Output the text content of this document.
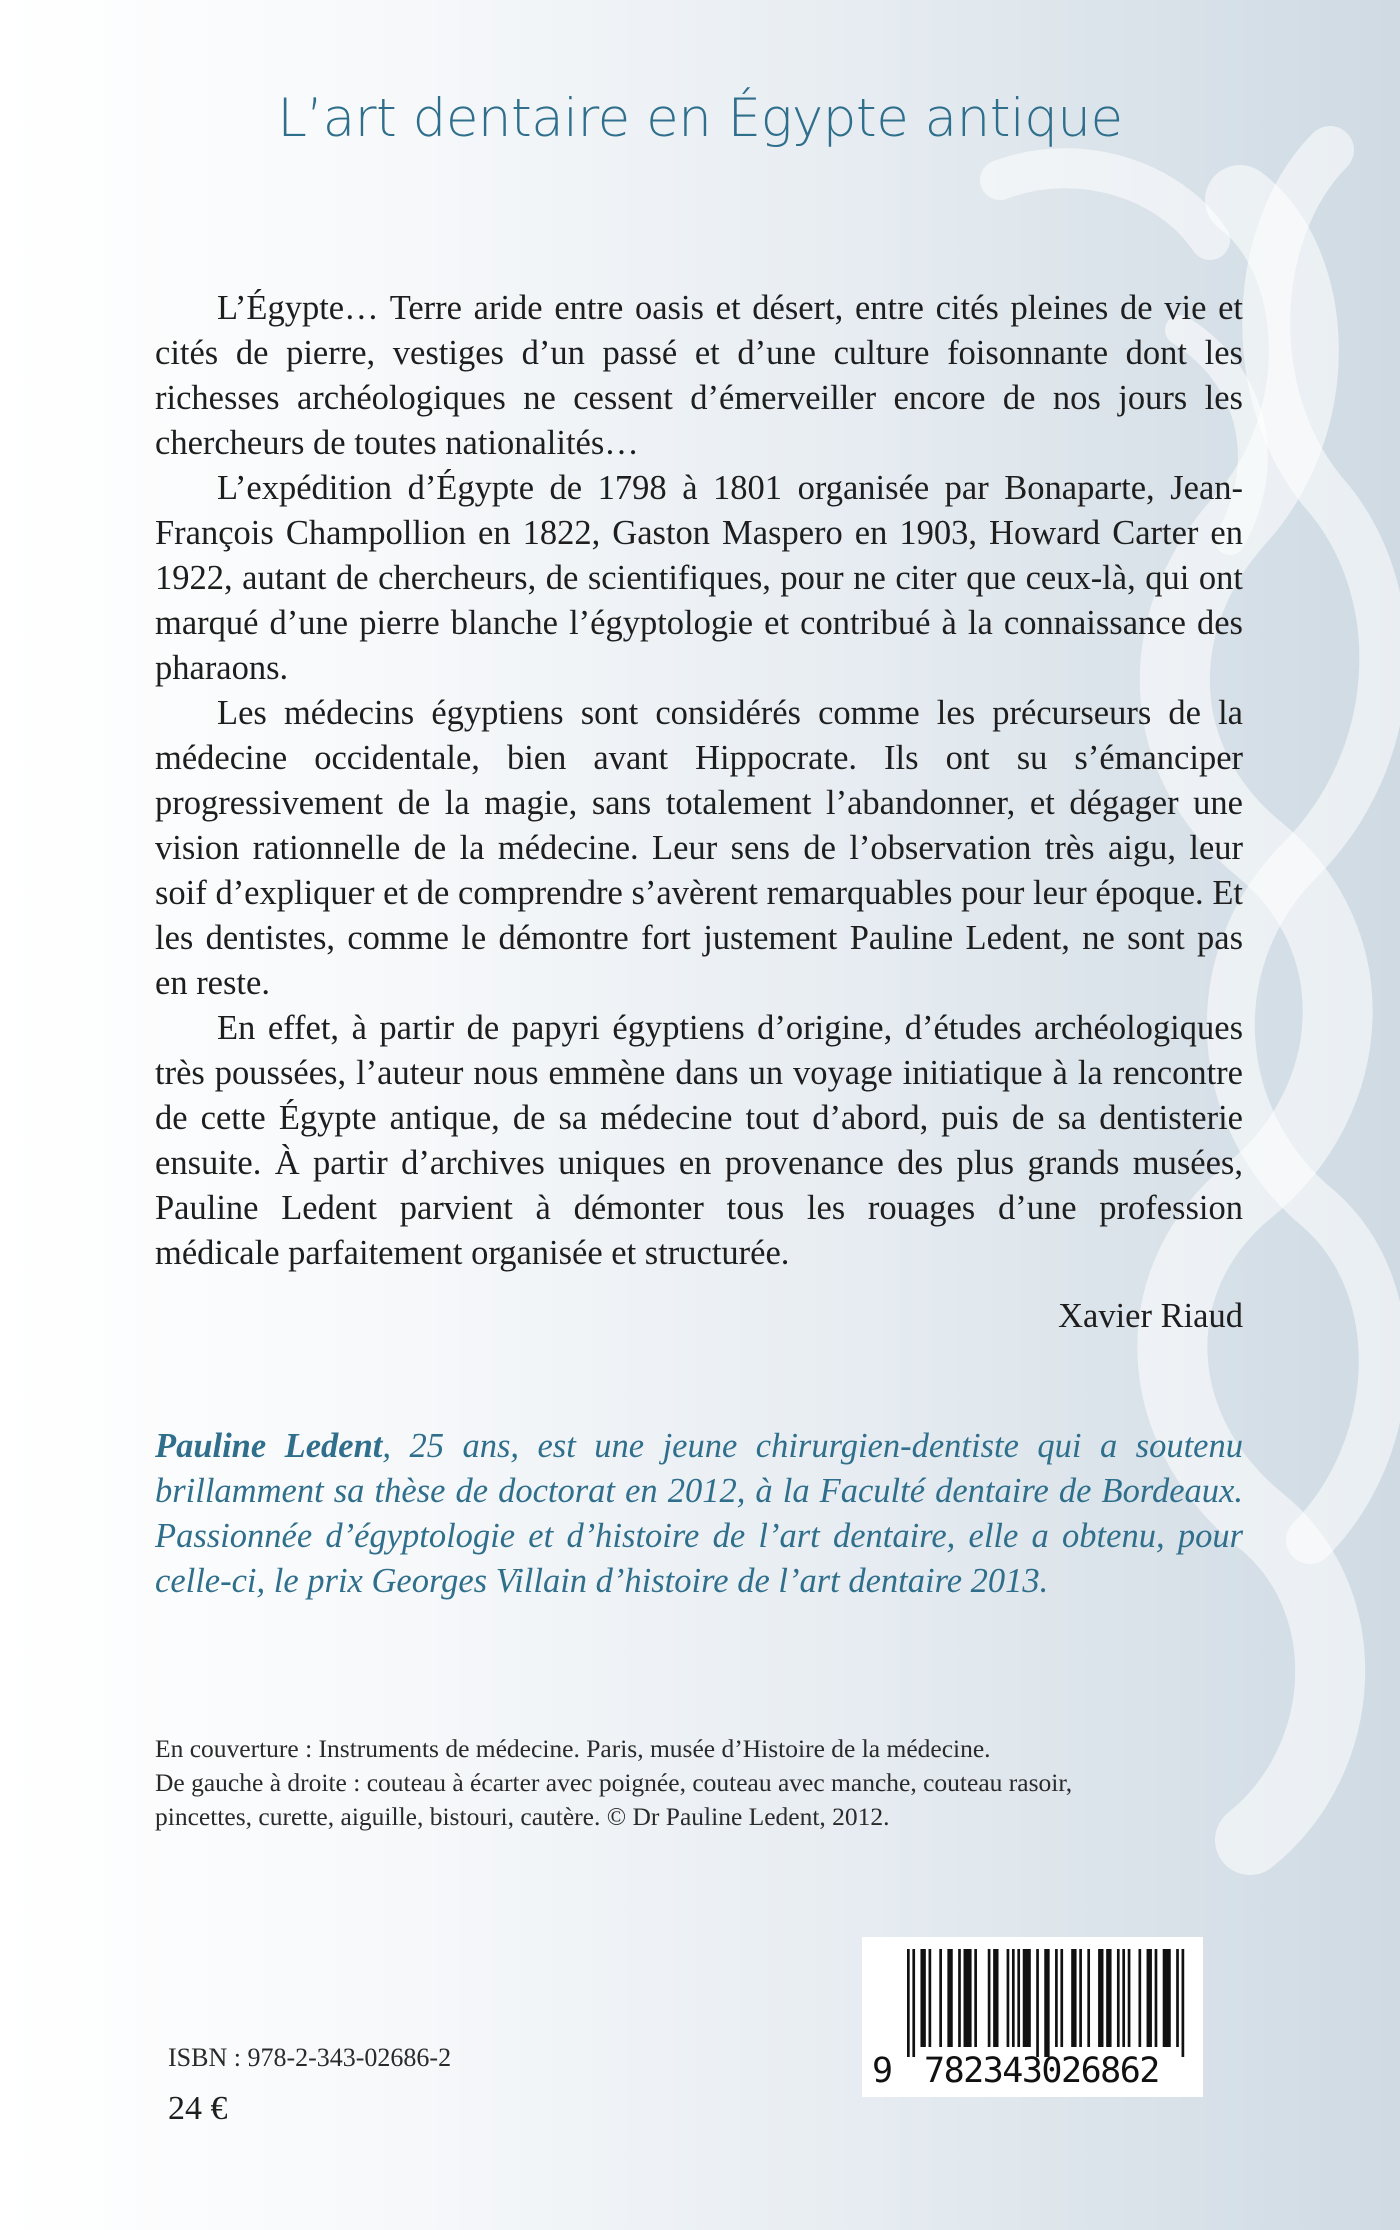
L’art dentaire en Égypte antique

L’Égypte… Terre aride entre oasis et désert, entre cités pleines de vie et cités de pierre, vestiges d’un passé et d’une culture foisonnante dont les richesses archéologiques ne cessent d’émerveiller encore de nos jours les chercheurs de toutes nationalités…

L’expédition d’Égypte de 1798 à 1801 organisée par Bonaparte, Jean-François Champollion en 1822, Gaston Maspero en 1903, Howard Carter en 1922, autant de chercheurs, de scientifiques, pour ne citer que ceux-là, qui ont marqué d’une pierre blanche l’égyptologie et contribué à la connaissance des pharaons.

Les médecins égyptiens sont considérés comme les précurseurs de la médecine occidentale, bien avant Hippocrate. Ils ont su s’émanciper progressivement de la magie, sans totalement l’abandonner, et dégager une vision rationnelle de la médecine. Leur sens de l’observation très aigu, leur soif d’expliquer et de comprendre s’avèrent remarquables pour leur époque. Et les dentistes, comme le démontre fort justement Pauline Ledent, ne sont pas en reste.

En effet, à partir de papyri égyptiens d’origine, d’études archéologiques très poussées, l’auteur nous emmène dans un voyage initiatique à la rencontre de cette Égypte antique, de sa médecine tout d’abord, puis de sa dentisterie ensuite. À partir d’archives uniques en provenance des plus grands musées, Pauline Ledent parvient à démonter tous les rouages d’une profession médicale parfaitement organisée et structurée.

Xavier Riaud
Pauline Ledent, 25 ans, est une jeune chirurgien-dentiste qui a soutenu brillamment sa thèse de doctorat en 2012, à la Faculté dentaire de Bordeaux. Passionnée d’égyptologie et d’histoire de l’art dentaire, elle a obtenu, pour celle-ci, le prix Georges Villain d’histoire de l’art dentaire 2013.
En couverture : Instruments de médecine. Paris, musée d’Histoire de la médecine.
De gauche à droite : couteau à écarter avec poignée, couteau avec manche, couteau rasoir,
pincettes, curette, aiguille, bistouri, cautère. © Dr Pauline Ledent, 2012.
ISBN : 978-2-343-02686-2
24 €
9 782343026862
